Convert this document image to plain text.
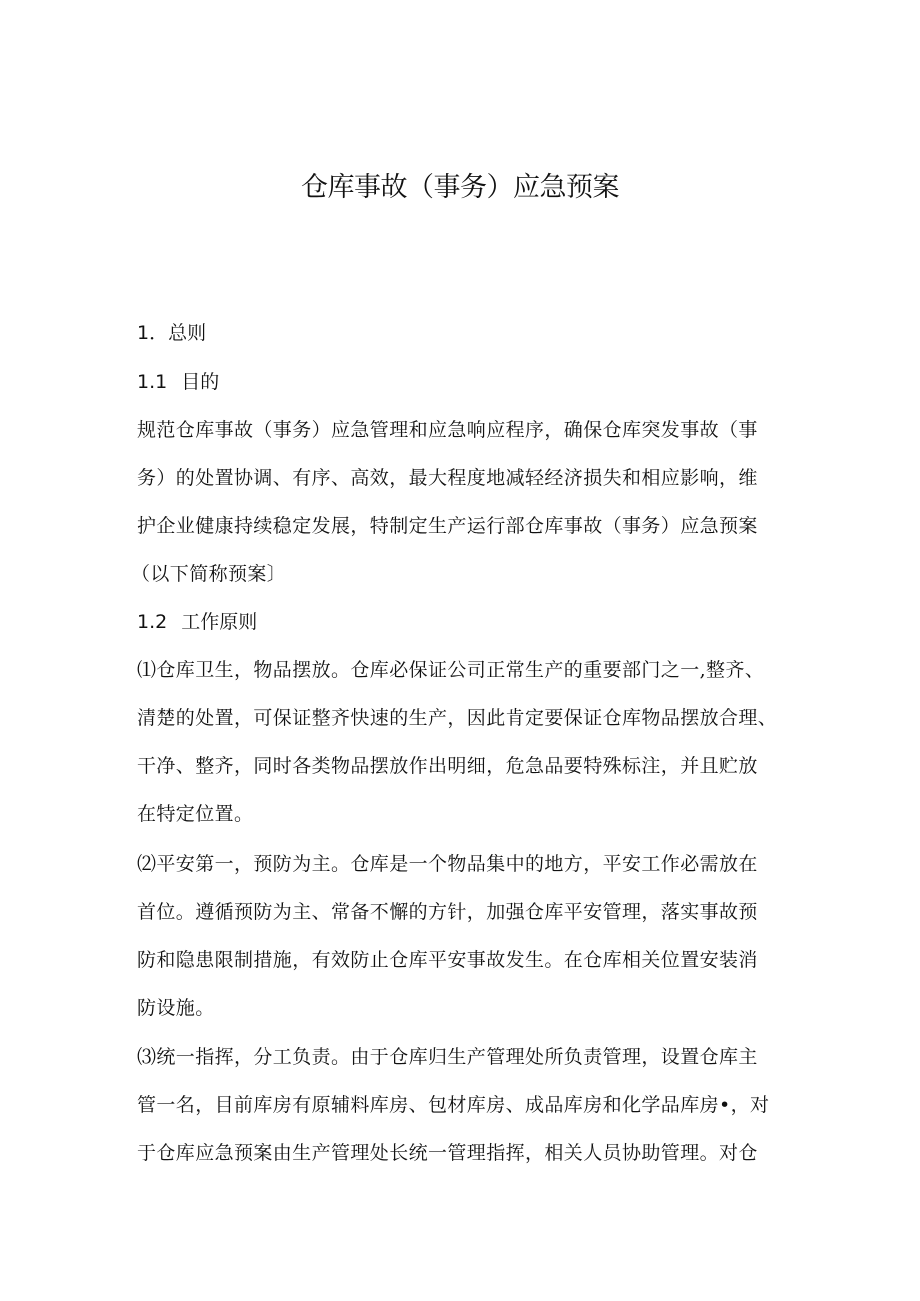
仓库事故（事务）应急预案
1．总则
1.1 目的
规范仓库事故（事务）应急管理和应急响应程序，确保仓库突发事故（事
务）的处置协调、有序、高效，最大程度地减轻经济损失和相应影响，维
护企业健康持续稳定发展，特制定生产运行部仓库事故（事务）应急预案
（以下简称预案〕
1.2 工作原则
⑴仓库卫生，物品摆放。仓库必保证公司正常生产的重要部门之一,整齐、
清楚的处置，可保证整齐快速的生产，因此肯定要保证仓库物品摆放合理、
干净、整齐，同时各类物品摆放作出明细，危急品要特殊标注，并且贮放
在特定位置。
⑵平安第一，预防为主。仓库是一个物品集中的地方，平安工作必需放在
首位。遵循预防为主、常备不懈的方针，加强仓库平安管理，落实事故预
防和隐患限制措施，有效防止仓库平安事故发生。在仓库相关位置安装消
防设施。
⑶统一指挥，分工负责。由于仓库归生产管理处所负责管理，设置仓库主
管一名，目前库房有原辅料库房、包材库房、成品库房和化学品库房•，对
于仓库应急预案由生产管理处长统一管理指挥，相关人员协助管理。对仓
